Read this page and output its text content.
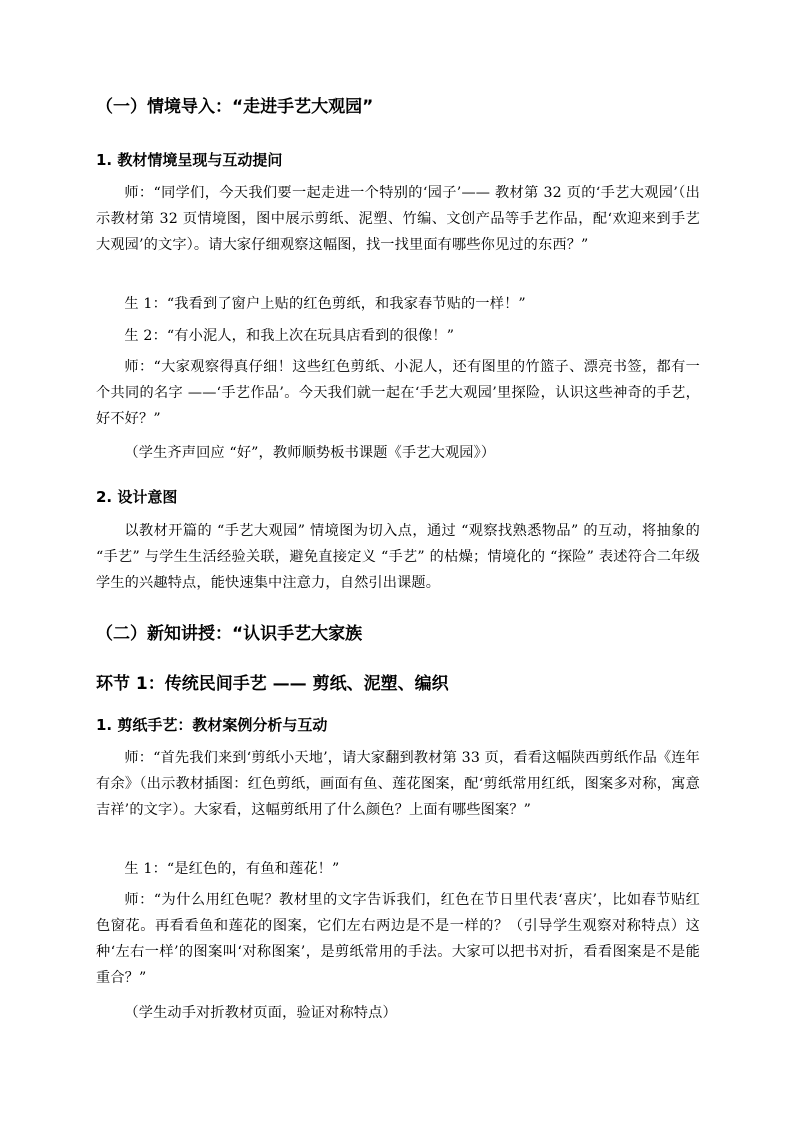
（一）情境导入：“走进手艺大观园”
1. 教材情境呈现与互动提问

师：“同学们，今天我们要一起走进一个特别的‘园子’—— 教材第 32 页的‘手艺大观园’（出示教材第 32 页情境图，图中展示剪纸、泥塑、竹编、文创产品等手艺作品，配‘欢迎来到手艺大观园’的文字）。请大家仔细观察这幅图，找一找里面有哪些你见过的东西？”

生 1：“我看到了窗户上贴的红色剪纸，和我家春节贴的一样！”

生 2：“有小泥人，和我上次在玩具店看到的很像！”

师：“大家观察得真仔细！这些红色剪纸、小泥人，还有图里的竹篮子、漂亮书签，都有一个共同的名字 ——‘手艺作品’。今天我们就一起在‘手艺大观园’里探险，认识这些神奇的手艺，好不好？”

（学生齐声回应 “好”，教师顺势板书课题《手艺大观园》）

2. 设计意图

以教材开篇的 “手艺大观园” 情境图为切入点，通过 “观察找熟悉物品” 的互动，将抽象的 “手艺” 与学生生活经验关联，避免直接定义 “手艺” 的枯燥；情境化的 “探险” 表述符合二年级学生的兴趣特点，能快速集中注意力，自然引出课题。

（二）新知讲授：“认识手艺大家族
环节 1：传统民间手艺 —— 剪纸、泥塑、编织
1. 剪纸手艺：教材案例分析与互动

师：“首先我们来到‘剪纸小天地’，请大家翻到教材第 33 页，看看这幅陕西剪纸作品《连年有余》（出示教材插图：红色剪纸，画面有鱼、莲花图案，配‘剪纸常用红纸，图案多对称，寓意吉祥’的文字）。大家看，这幅剪纸用了什么颜色？上面有哪些图案？”

生 1：“是红色的，有鱼和莲花！”

师：“为什么用红色呢？教材里的文字告诉我们，红色在节日里代表‘喜庆’，比如春节贴红色窗花。再看看鱼和莲花的图案，它们左右两边是不是一样的？（引导学生观察对称特点）这种‘左右一样’的图案叫‘对称图案’，是剪纸常用的手法。大家可以把书对折，看看图案是不是能重合？”

（学生动手对折教材页面，验证对称特点）
